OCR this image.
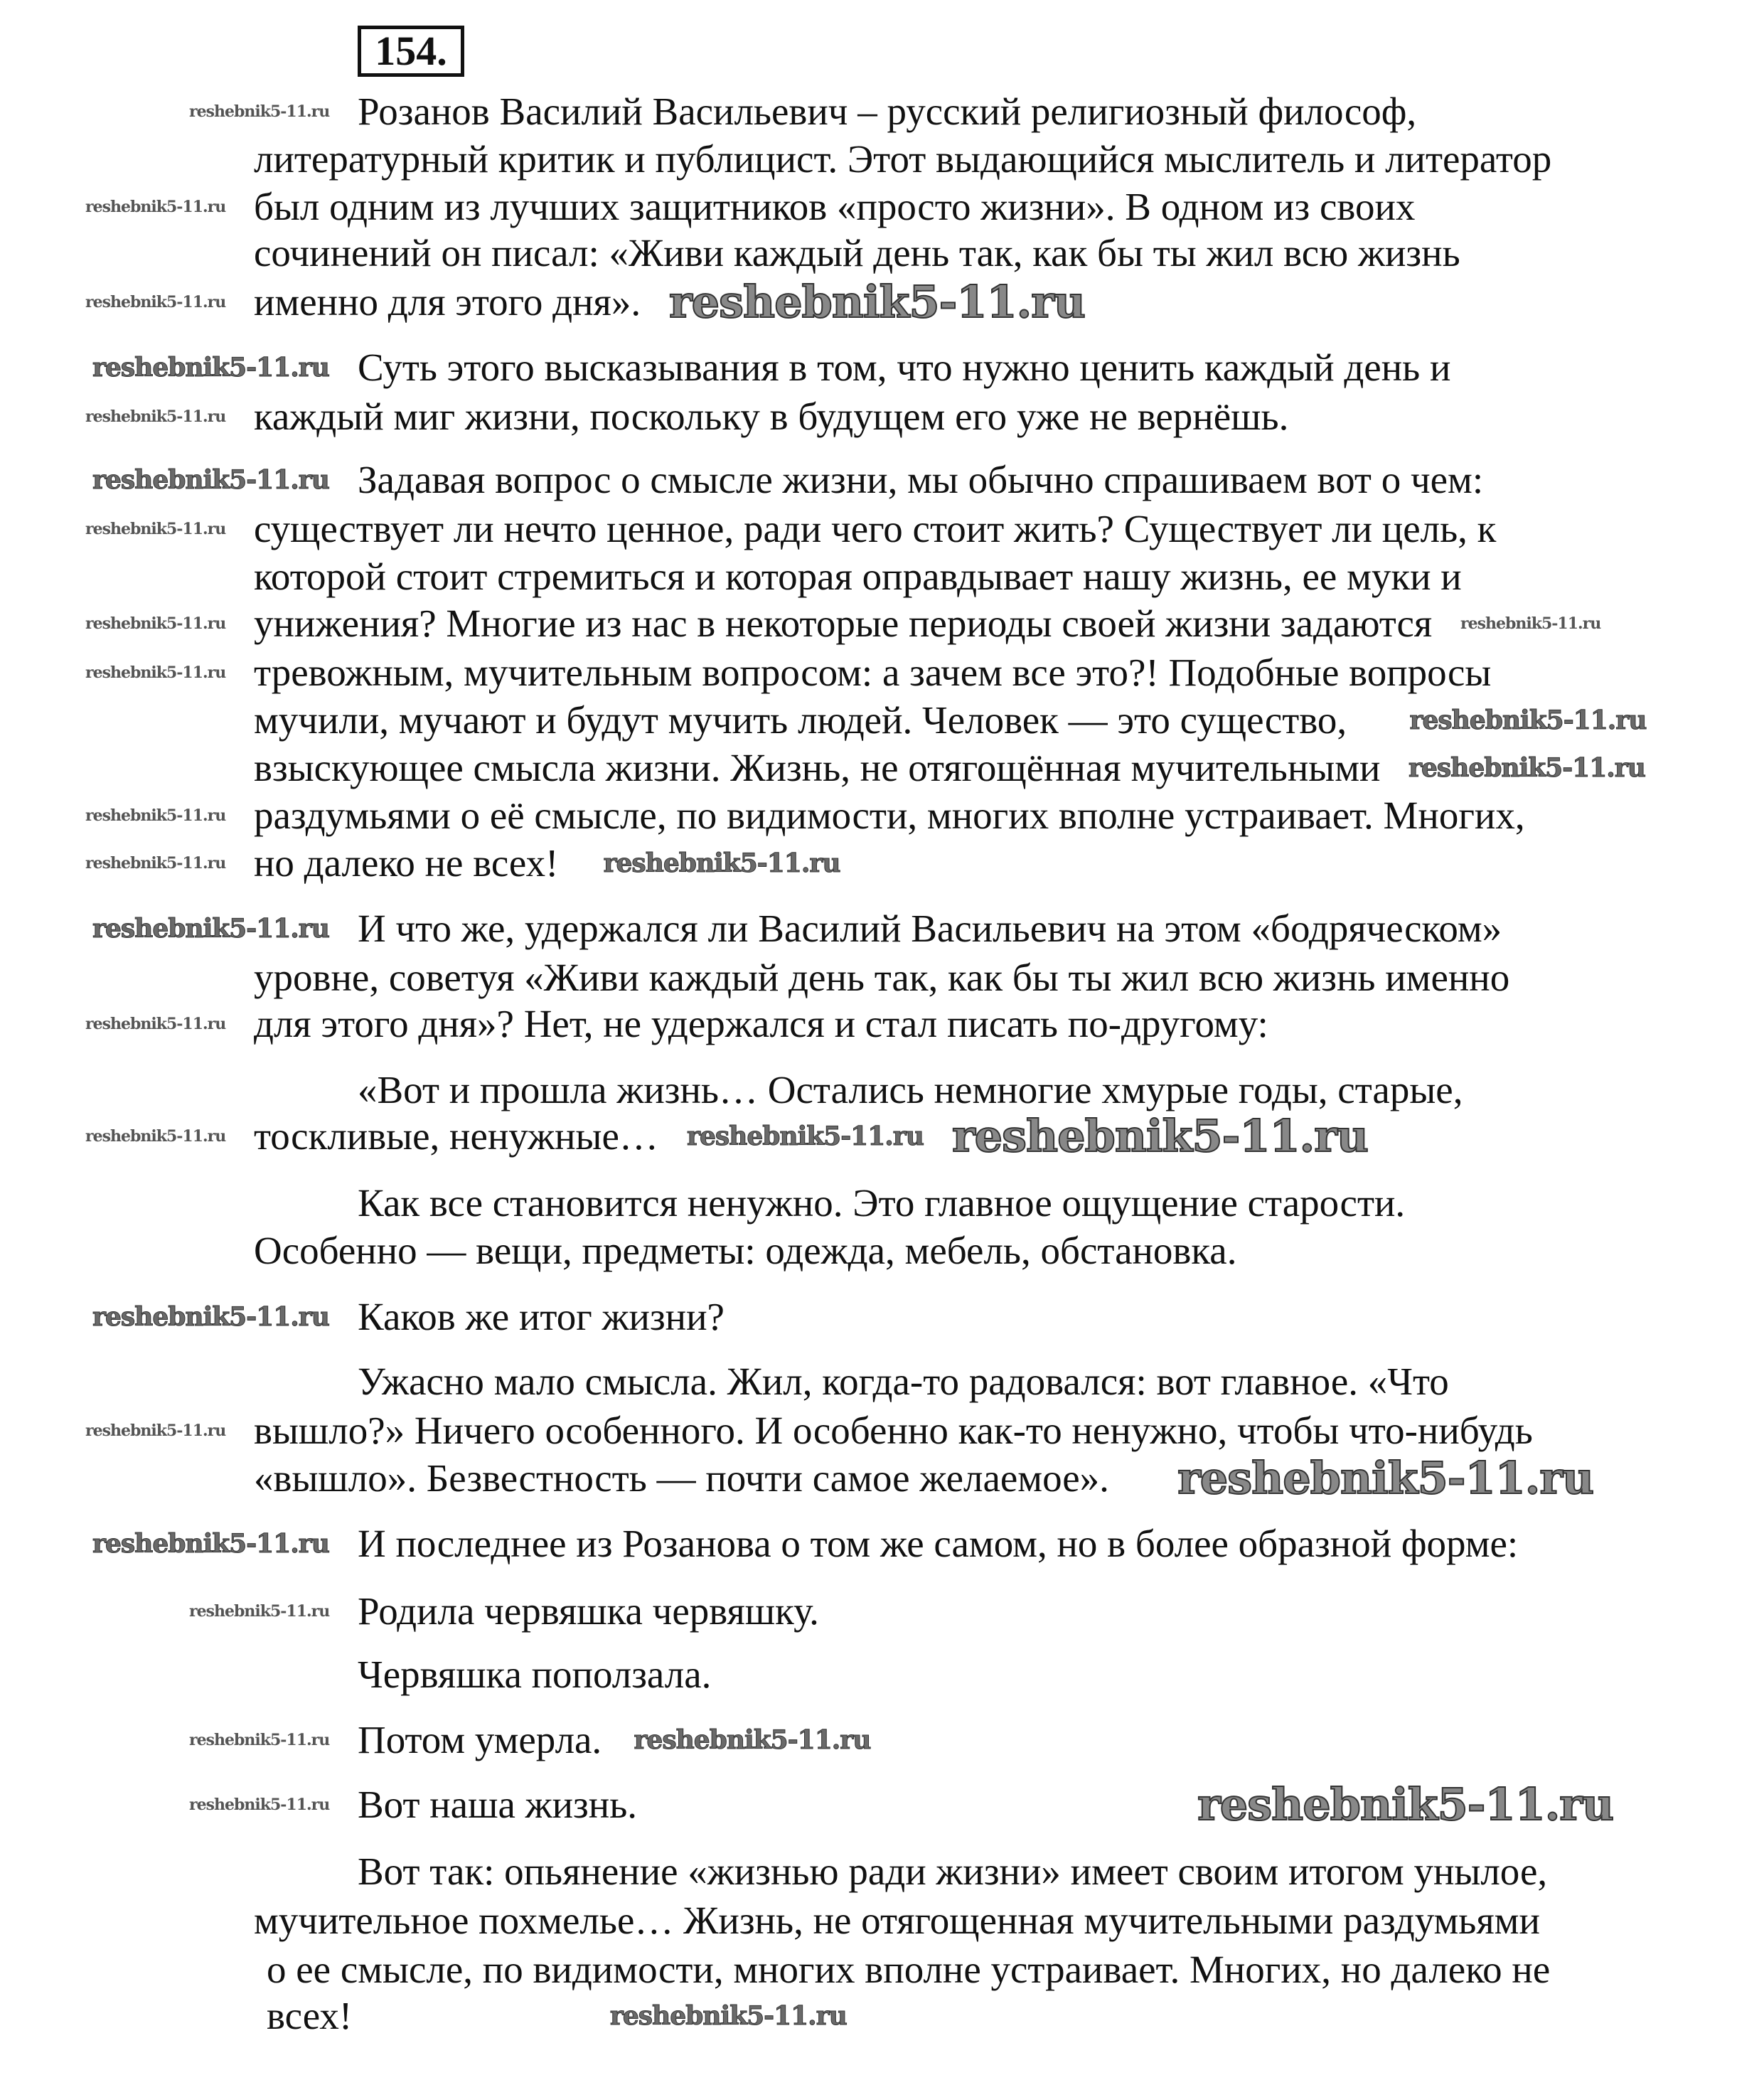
154.
Розанов Василий Васильевич – русский религиозный философ,
литературный критик и публицист. Этот выдающийся мыслитель и литератор
был одним из лучших защитников «просто жизни». В одном из своих
сочинений он писал: «Живи каждый день так, как бы ты жил всю жизнь
именно для этого дня».
Суть этого высказывания в том, что нужно ценить каждый день и
каждый миг жизни, поскольку в будущем его уже не вернёшь.
Задавая вопрос о смысле жизни, мы обычно спрашиваем вот о чем:
существует ли нечто ценное, ради чего стоит жить? Существует ли цель, к
которой стоит стремиться и которая оправдывает нашу жизнь, ее муки и
унижения? Многие из нас в некоторые периоды своей жизни задаются
тревожным, мучительным вопросом: а зачем все это?! Подобные вопросы
мучили, мучают и будут мучить людей. Человек — это существо,
взыскующее смысла жизни. Жизнь, не отягощённая мучительными
раздумьями о её смысле, по видимости, многих вполне устраивает. Многих,
но далеко не всех!
И что же, удержался ли Василий Васильевич на этом «бодряческом»
уровне, советуя «Живи каждый день так, как бы ты жил всю жизнь именно
для этого дня»? Нет, не удержался и стал писать по-другому:
«Вот и прошла жизнь… Остались немногие хмурые годы, старые,
тоскливые, ненужные…
Как все становится ненужно. Это главное ощущение старости.
Особенно — вещи, предметы: одежда, мебель, обстановка.
Каков же итог жизни?
Ужасно мало смысла. Жил, когда-то радовался: вот главное. «Что
вышло?» Ничего особенного. И особенно как-то ненужно, чтобы что-нибудь
«вышло». Безвестность — почти самое желаемое».
И последнее из Розанова о том же самом, но в более образной форме:
Родила червяшка червяшку.
Червяшка поползала.
Потом умерла.
Вот наша жизнь.
Вот так: опьянение «жизнью ради жизни» имеет своим итогом унылое,
мучительное похмелье… Жизнь, не отягощенная мучительными раздумьями
о ее смысле, по видимости, многих вполне устраивает. Многих, но далеко не
всех!
reshebnik5-11.ru
reshebnik5-11.ru
reshebnik5-11.ru	reshebnik5-11.ru
reshebnik5-11.ru
reshebnik5-11.ru
reshebnik5-11.ru
reshebnik5-11.ru
reshebnik5-11.ru
reshebnik5-11.ru	reshebnik5-11.ru
reshebnik5-11.ru
reshebnik5-11.ru
reshebnik5-11.ru
reshebnik5-11.ru
reshebnik5-11.ru
reshebnik5-11.ru
reshebnik5-11.ru
reshebnik5-11.ru reshebnik5-11.ru
reshebnik5-11.ru
reshebnik5-11.ru
reshebnik5-11.ru
reshebnik5-11.ru
reshebnik5-11.ru
reshebnik5-11.ru
reshebnik5-11.ru	reshebnik5-11.ru
reshebnik5-11.ru
reshebnik5-11.ru
reshebnik5-11.ru
